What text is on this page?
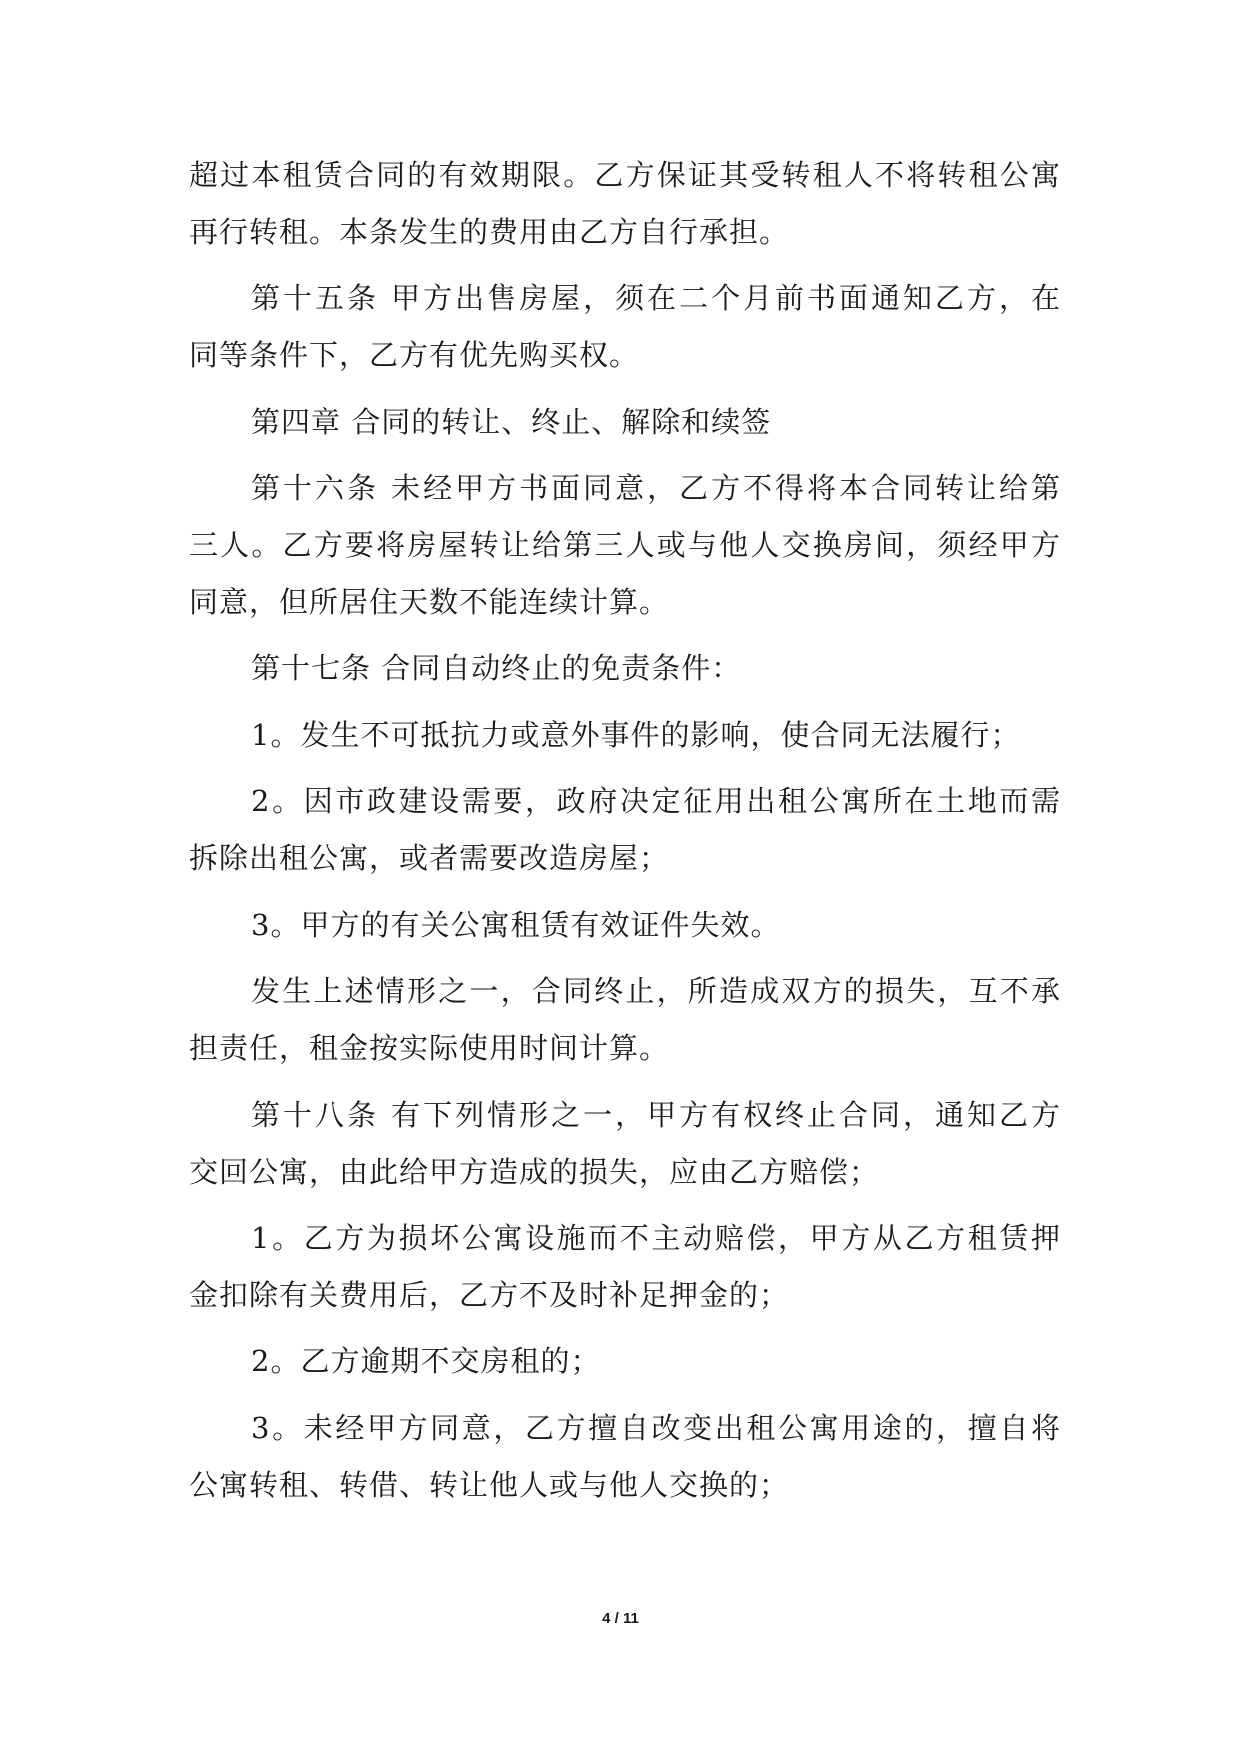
超过本租赁合同的有效期限。乙方保证其受转租人不将转租公寓
再行转租。本条发生的费用由乙方自行承担。
第十五条 甲方出售房屋，须在二个月前书面通知乙方，在
同等条件下，乙方有优先购买权。
第四章 合同的转让、终止、解除和续签
第十六条 未经甲方书面同意，乙方不得将本合同转让给第
三人。乙方要将房屋转让给第三人或与他人交换房间，须经甲方
同意，但所居住天数不能连续计算。
第十七条 合同自动终止的免责条件：
1。发生不可抵抗力或意外事件的影响，使合同无法履行；
2。因市政建设需要，政府决定征用出租公寓所在土地而需
拆除出租公寓，或者需要改造房屋；
3。甲方的有关公寓租赁有效证件失效。
发生上述情形之一，合同终止，所造成双方的损失，互不承
担责任，租金按实际使用时间计算。
第十八条 有下列情形之一，甲方有权终止合同，通知乙方
交回公寓，由此给甲方造成的损失，应由乙方赔偿；
1。乙方为损坏公寓设施而不主动赔偿，甲方从乙方租赁押
金扣除有关费用后，乙方不及时补足押金的；
2。乙方逾期不交房租的；
3。未经甲方同意，乙方擅自改变出租公寓用途的，擅自将
公寓转租、转借、转让他人或与他人交换的；
4 / 11
